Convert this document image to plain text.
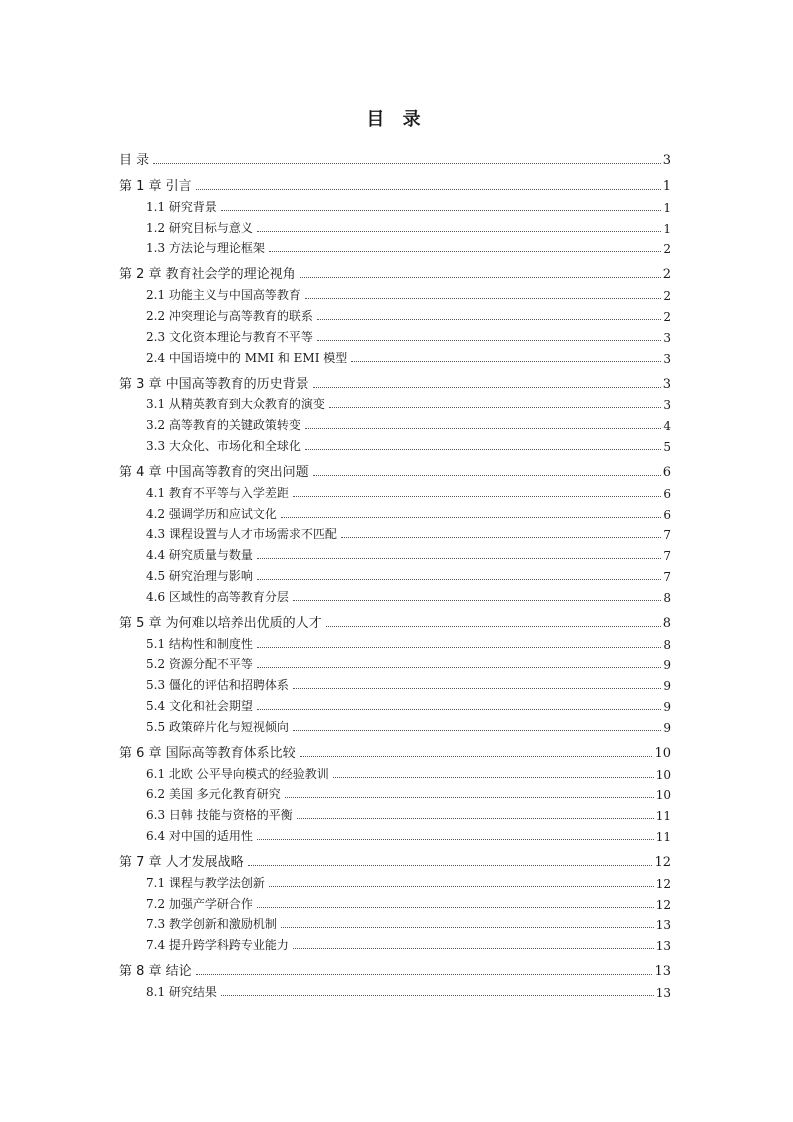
目 录
目 录	3
第 1 章 引言	1
1.1 研究背景	1
1.2 研究目标与意义	1
1.3 方法论与理论框架	2
第 2 章 教育社会学的理论视角	2
2.1 功能主义与中国高等教育	2
2.2 冲突理论与高等教育的联系	2
2.3 文化资本理论与教育不平等	3
2.4 中国语境中的 MMI 和 EMI 模型	3
第 3 章 中国高等教育的历史背景	3
3.1 从精英教育到大众教育的演变	3
3.2 高等教育的关键政策转变	4
3.3 大众化、市场化和全球化	5
第 4 章 中国高等教育的突出问题	6
4.1 教育不平等与入学差距	6
4.2 强调学历和应试文化	6
4.3 课程设置与人才市场需求不匹配	7
4.4 研究质量与数量	7
4.5 研究治理与影响	7
4.6 区域性的高等教育分层	8
第 5 章 为何难以培养出优质的人才	8
5.1 结构性和制度性	8
5.2 资源分配不平等	9
5.3 僵化的评估和招聘体系	9
5.4 文化和社会期望	9
5.5 政策碎片化与短视倾向	9
第 6 章 国际高等教育体系比较	10
6.1 北欧 公平导向模式的经验教训	10
6.2 美国 多元化教育研究	10
6.3 日韩 技能与资格的平衡	11
6.4 对中国的适用性	11
第 7 章 人才发展战略	12
7.1 课程与教学法创新	12
7.2 加强产学研合作	12
7.3 教学创新和激励机制	13
7.4 提升跨学科跨专业能力	13
第 8 章 结论	13
8.1 研究结果	13
